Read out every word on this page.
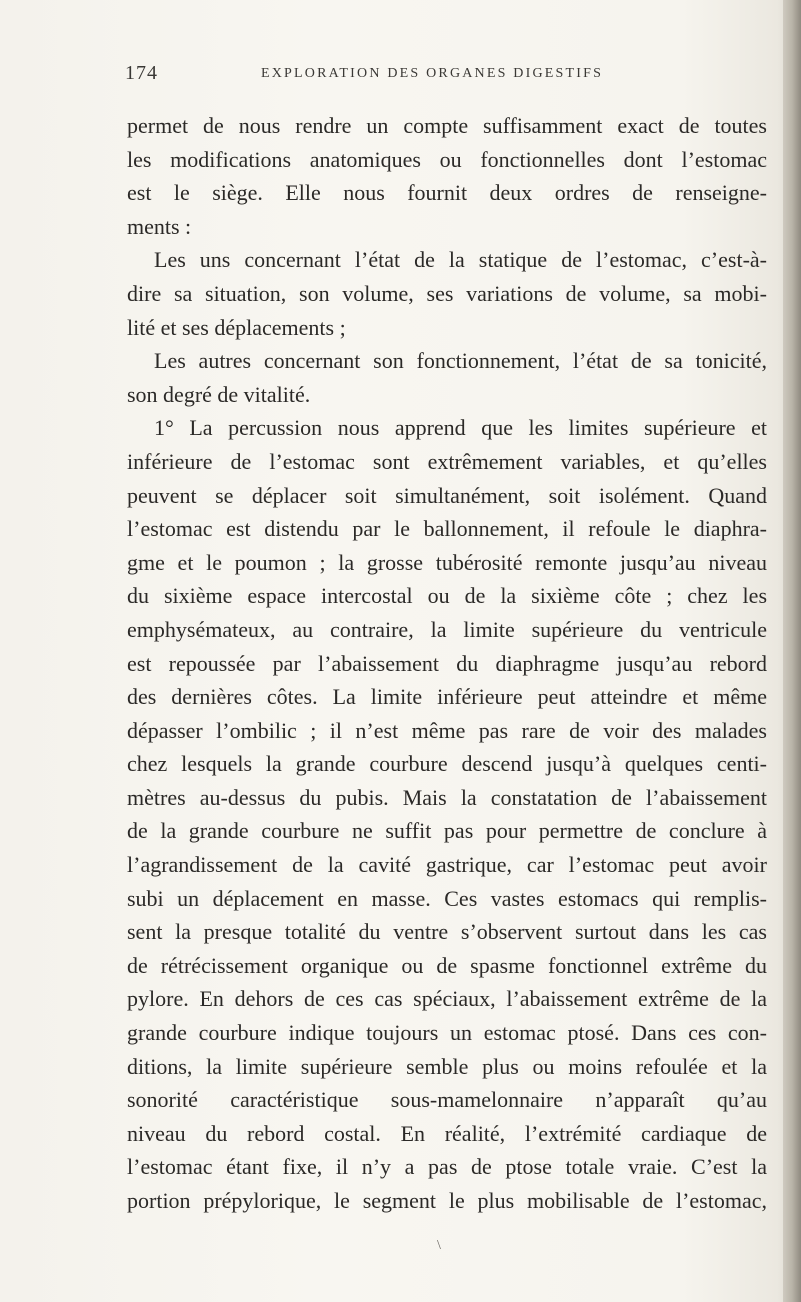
174	EXPLORATION DES ORGANES DIGESTIFS
permet de nous rendre un compte suffisamment exact de toutes
les modifications anatomiques ou fonctionnelles dont l’estomac
est le siège. Elle nous fournit deux ordres de renseigne-
ments :
Les uns concernant l’état de la statique de l’estomac, c’est-à-
dire sa situation, son volume, ses variations de volume, sa mobi-
lité et ses déplacements ;
Les autres concernant son fonctionnement, l’état de sa tonicité,
son degré de vitalité.
1° La percussion nous apprend que les limites supérieure et
inférieure de l’estomac sont extrêmement variables, et qu’elles
peuvent se déplacer soit simultanément, soit isolément. Quand
l’estomac est distendu par le ballonnement, il refoule le diaphra-
gme et le poumon ; la grosse tubérosité remonte jusqu’au niveau
du sixième espace intercostal ou de la sixième côte ; chez les
emphysémateux, au contraire, la limite supérieure du ventricule
est repoussée par l’abaissement du diaphragme jusqu’au rebord
des dernières côtes. La limite inférieure peut atteindre et même
dépasser l’ombilic ; il n’est même pas rare de voir des malades
chez lesquels la grande courbure descend jusqu’à quelques centi-
mètres au-dessus du pubis. Mais la constatation de l’abaissement
de la grande courbure ne suffit pas pour permettre de conclure à
l’agrandissement de la cavité gastrique, car l’estomac peut avoir
subi un déplacement en masse. Ces vastes estomacs qui remplis-
sent la presque totalité du ventre s’observent surtout dans les cas
de rétrécissement organique ou de spasme fonctionnel extrême du
pylore. En dehors de ces cas spéciaux, l’abaissement extrême de la
grande courbure indique toujours un estomac ptosé. Dans ces con-
ditions, la limite supérieure semble plus ou moins refoulée et la
sonorité caractéristique sous-mamelonnaire n’apparaît qu’au
niveau du rebord costal. En réalité, l’extrémité cardiaque de
l’estomac étant fixe, il n’y a pas de ptose totale vraie. C’est la
portion prépylorique, le segment le plus mobilisable de l’estomac,
\
